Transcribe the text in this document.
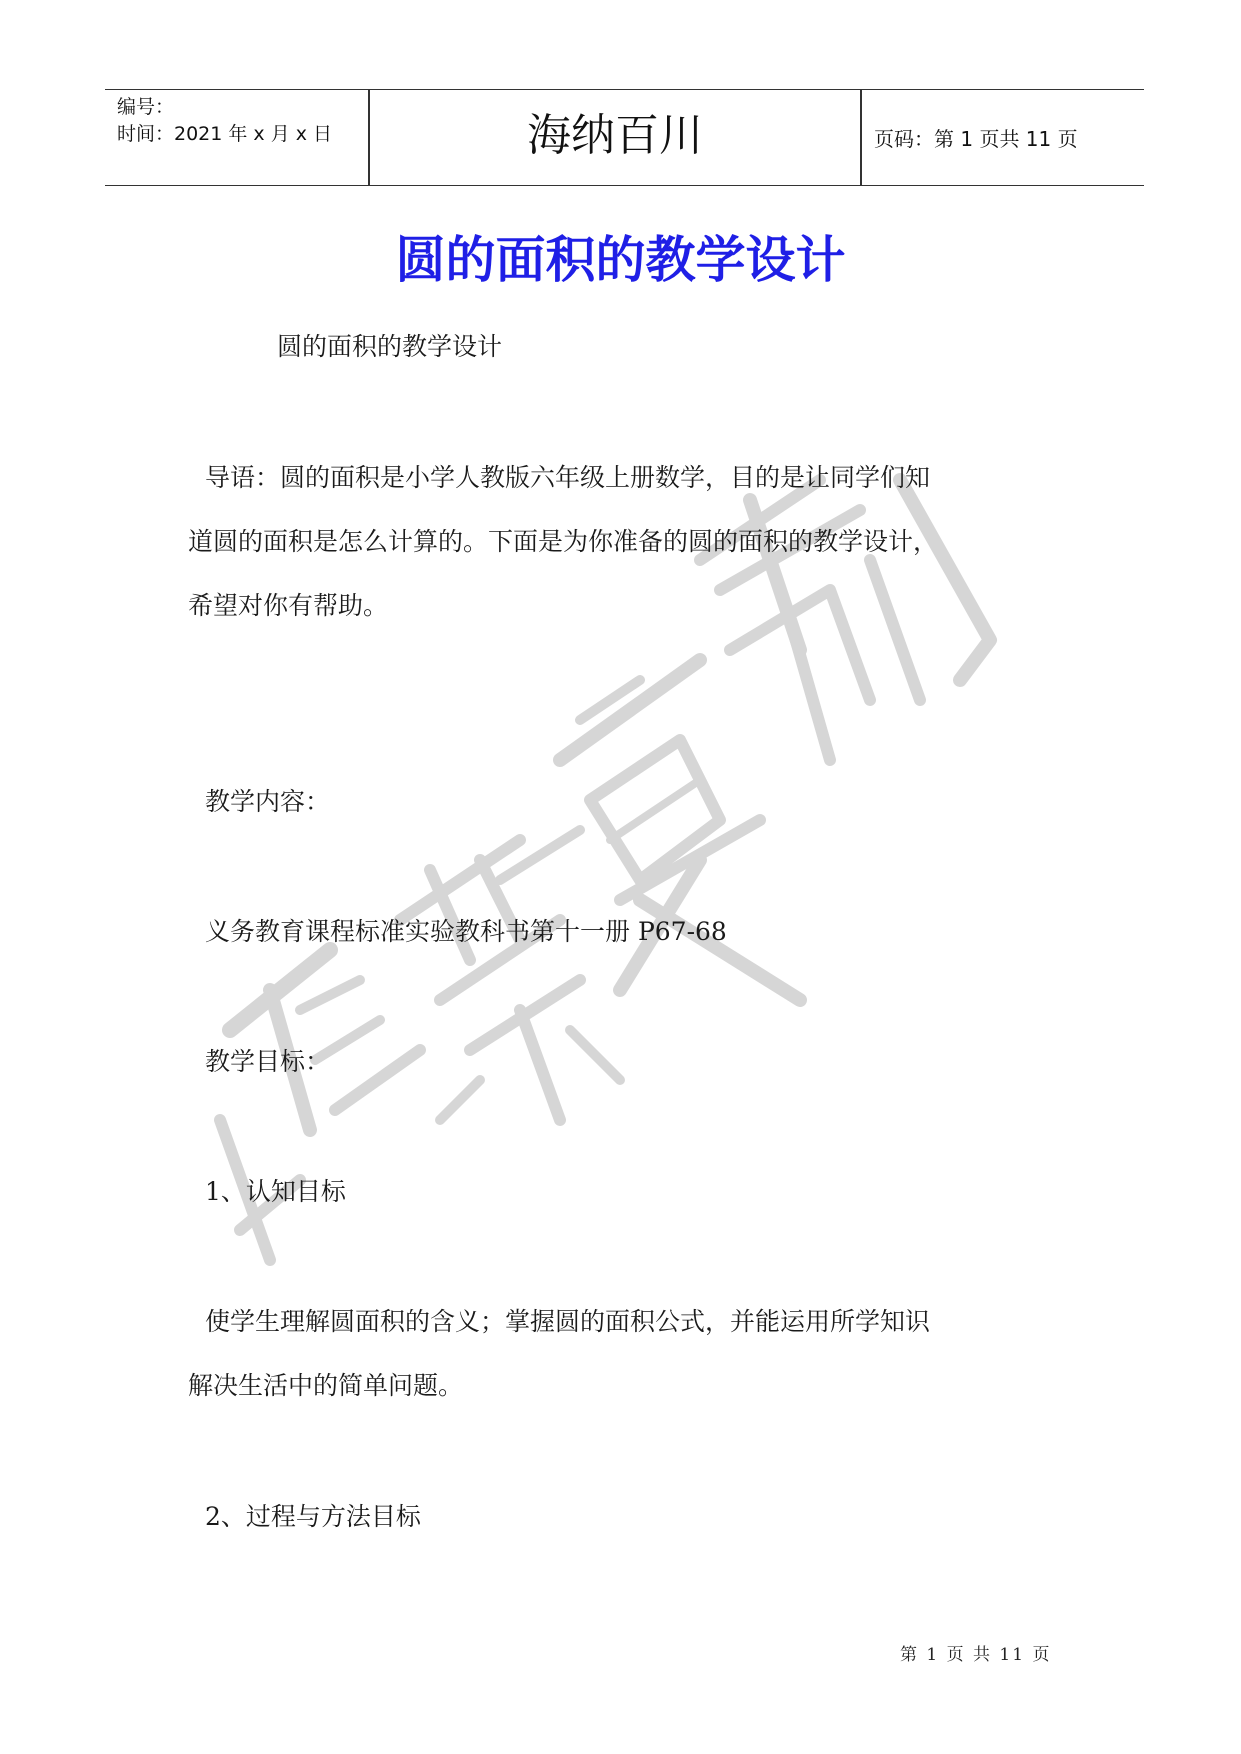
编号：
时间：2021 年 x 月 x 日	海纳百川	页码：第 1 页共 11 页
圆的面积的教学设计
圆的面积的教学设计
导语：圆的面积是小学人教版六年级上册数学，目的是让同学们知
道圆的面积是怎么计算的。下面是为你准备的圆的面积的教学设计，
希望对你有帮助。
教学内容：
义务教育课程标准实验教科书第十一册 P67-68
教学目标：
1、认知目标
使学生理解圆面积的含义；掌握圆的面积公式，并能运用所学知识
解决生活中的简单问题。
2、过程与方法目标
第 1 页 共 11 页
